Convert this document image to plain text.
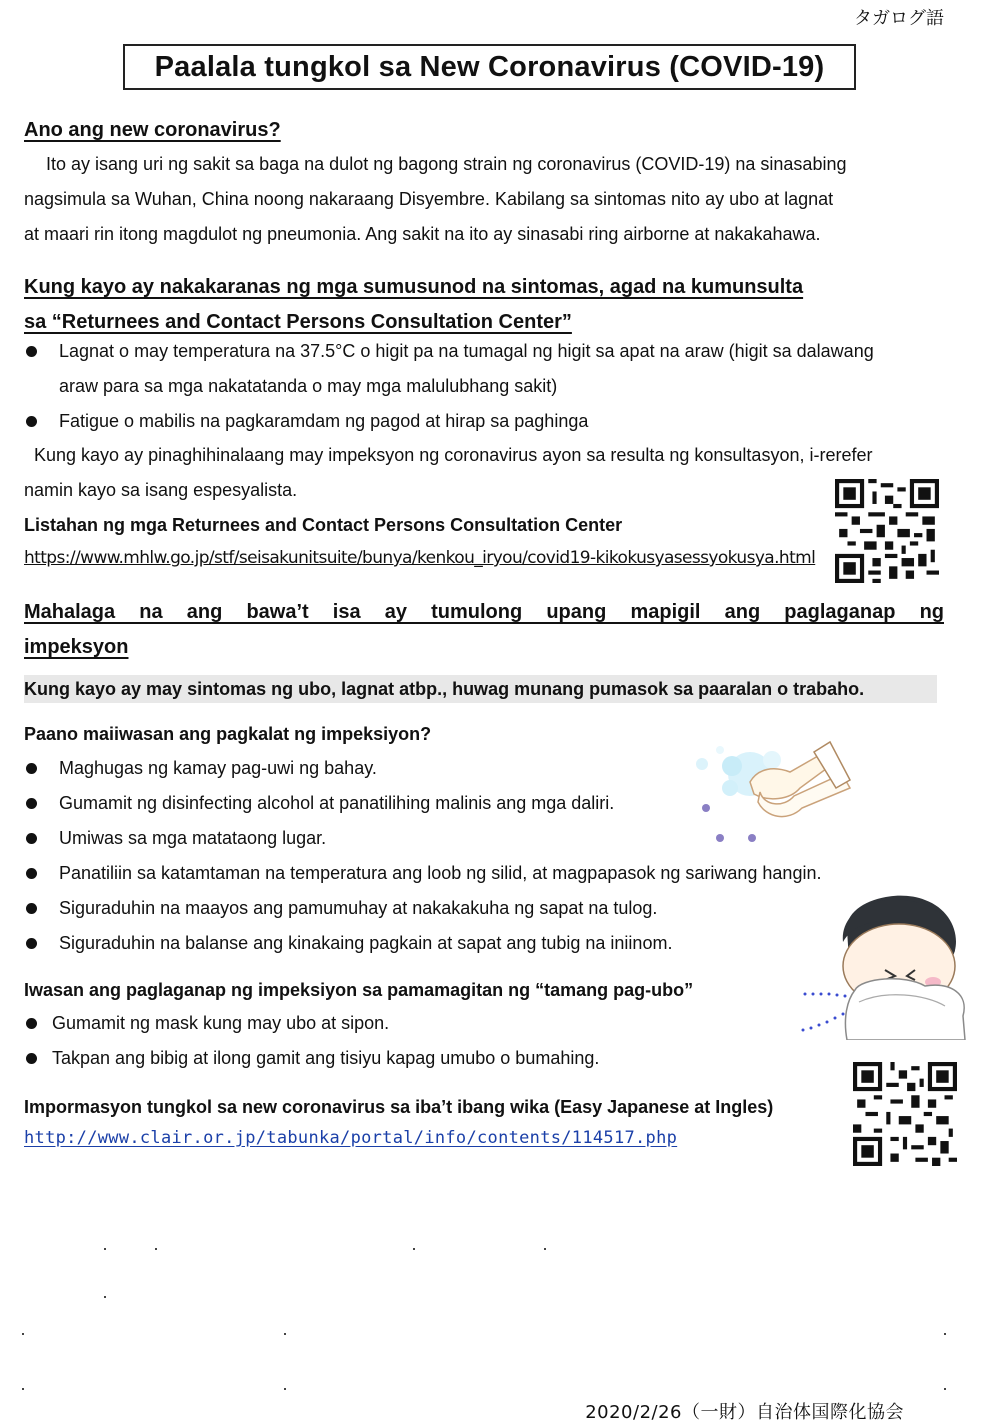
タガログ語
Paalala tungkol sa New Coronavirus (COVID-19)
Ano ang new coronavirus?
Ito ay isang uri ng sakit sa baga na dulot ng bagong strain ng coronavirus (COVID-19) na sinasabing
nagsimula sa Wuhan, China noong nakaraang Disyembre. Kabilang sa sintomas nito ay ubo at lagnat
at maari rin itong magdulot ng pneumonia. Ang sakit na ito ay sinasabi ring airborne at nakakahawa.
Kung kayo ay nakakaranas ng mga sumusunod na sintomas, agad na kumunsulta
sa “Returnees and Contact Persons Consultation Center”
Lagnat o may temperatura na 37.5°C o higit pa na tumagal ng higit sa apat na araw (higit sa dalawang
araw para sa mga nakatatanda o may mga malulubhang sakit)
Fatigue o mabilis na pagkaramdam ng pagod at hirap sa paghinga
Kung kayo ay pinaghihinalaang may impeksyon ng coronavirus ayon sa resulta ng konsultasyon, i-rerefer
namin kayo sa isang espesyalista.
Listahan ng mga Returnees and Contact Persons Consultation Center
https://www.mhlw.go.jp/stf/seisakunitsuite/bunya/kenkou_iryou/covid19-kikokusyasessyokusya.html
Mahalaga na ang bawa’t isa ay tumulong upang mapigil ang paglaganap ng
impeksyon
Kung kayo ay may sintomas ng ubo, lagnat atbp., huwag munang pumasok sa paaralan o trabaho.
Paano maiiwasan ang pagkalat ng impeksiyon?
Maghugas ng kamay pag-uwi ng bahay.
Gumamit ng disinfecting alcohol at panatilihing malinis ang mga daliri.
Umiwas sa mga matataong lugar.
Panatiliin sa katamtaman na temperatura ang loob ng silid, at magpapasok ng sariwang hangin.
Siguraduhin na maayos ang pamumuhay at nakakakuha ng sapat na tulog.
Siguraduhin na balanse ang kinakaing pagkain at sapat ang tubig na iniinom.
Iwasan ang paglaganap ng impeksiyon sa pamamagitan ng “tamang pag-ubo”
Gumamit ng mask kung may ubo at sipon.
Takpan ang bibig at ilong gamit ang tisiyu kapag umubo o bumahing.
Impormasyon tungkol sa new coronavirus sa iba’t ibang wika (Easy Japanese at Ingles)
http://www.clair.or.jp/tabunka/portal/info/contents/114517.php
2020/2/26（一財）自治体国際化協会
